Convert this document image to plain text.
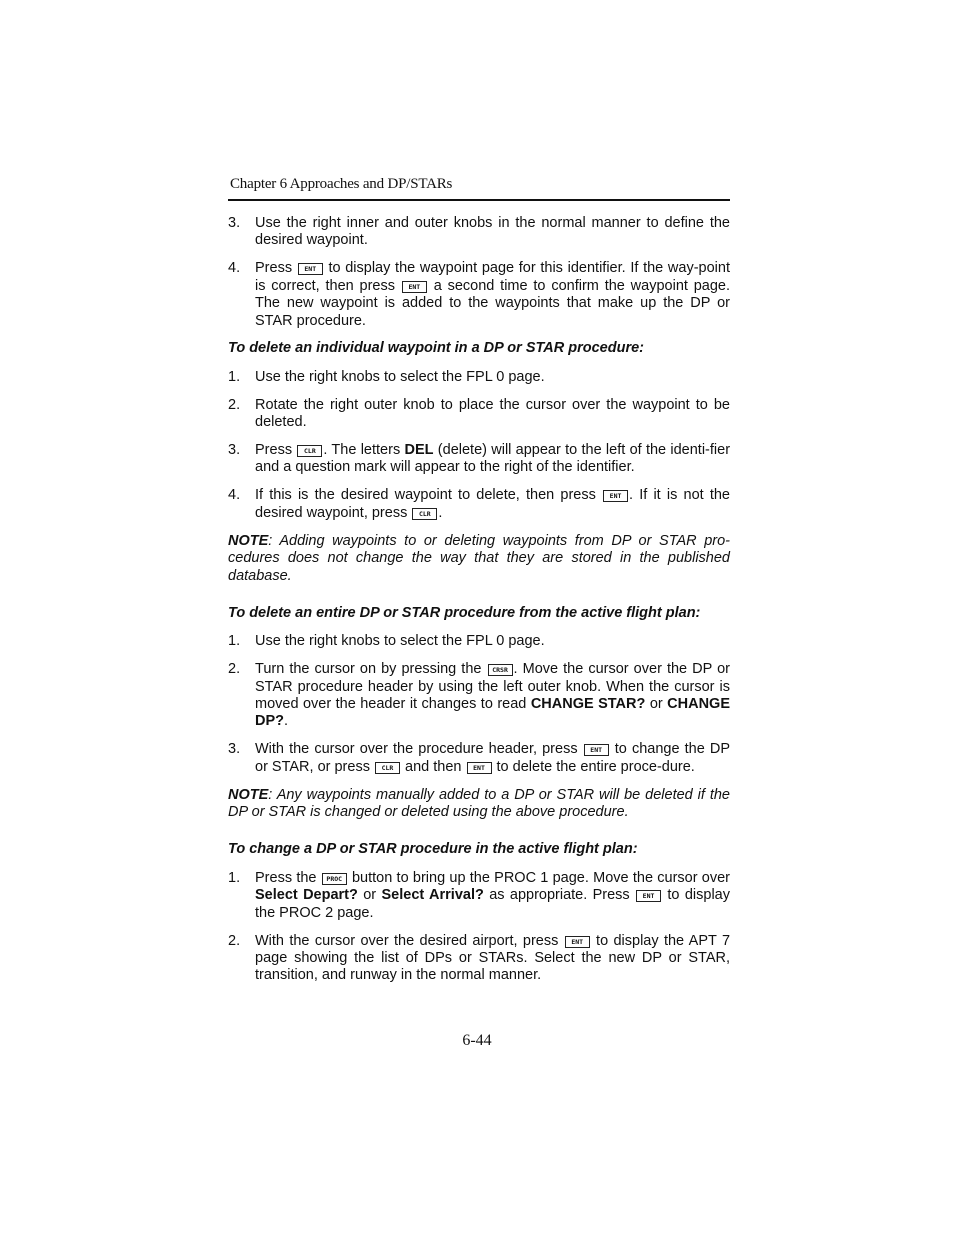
Chapter 6 Approaches and DP/STARs
3.	Use the right inner and outer knobs in the normal manner to define the desired waypoint.
4.	Press ENT to display the waypoint page for this identifier. If the way-point is correct, then press ENT a second time to confirm the waypoint page. The new waypoint is added to the waypoints that make up the DP or STAR procedure.
To delete an individual waypoint in a DP or STAR procedure:
1.	Use the right knobs to select the FPL 0 page.
2.	Rotate the right outer knob to place the cursor over the waypoint to be deleted.
3.	Press CLR . The letters DEL (delete) will appear to the left of the identi-fier and a question mark will appear to the right of the identifier.
4.	If this is the desired waypoint to delete, then press ENT . If it is not the desired waypoint, press CLR .
NOTE: Adding waypoints to or deleting waypoints from DP or STAR pro-cedures does not change the way that they are stored in the published database.
To delete an entire DP or STAR procedure from the active flight plan:
1.	Use the right knobs to select the FPL 0 page.
2.	Turn the cursor on by pressing the CRSR . Move the cursor over the DP or STAR procedure header by using the left outer knob. When the cursor is moved over the header it changes to read CHANGE STAR? or CHANGE DP?.
3.	With the cursor over the procedure header, press ENT to change the DP or STAR, or press CLR and then ENT to delete the entire proce-dure.
NOTE: Any waypoints manually added to a DP or STAR will be deleted if the DP or STAR is changed or deleted using the above procedure.
To change a DP or STAR procedure in the active flight plan:
1.	Press the PROC button to bring up the PROC 1 page. Move the cursor over Select Depart? or Select Arrival? as appropriate. Press ENT to display the PROC 2 page.
2.	With the cursor over the desired airport, press ENT to display the APT 7 page showing the list of DPs or STARs. Select the new DP or STAR, transition, and runway in the normal manner.
6-44
